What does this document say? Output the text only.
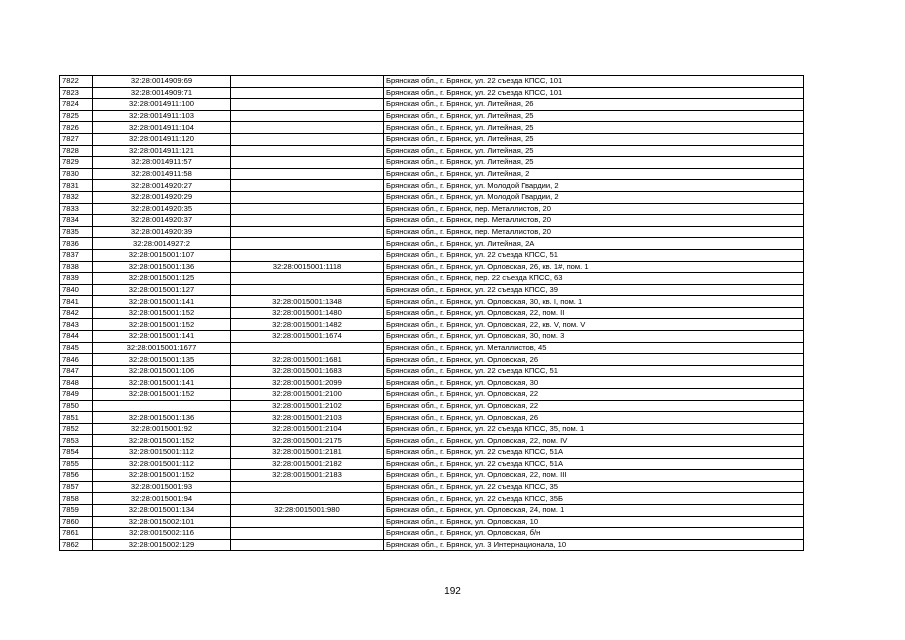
7822	32:28:0014909:69		Брянская обл., г. Брянск, ул. 22 съезда КПСС, 101
7823	32:28:0014909:71		Брянская обл., г. Брянск, ул. 22 съезда КПСС, 101
7824	32:28:0014911:100		Брянская обл., г. Брянск, ул. Литейная, 26
7825	32:28:0014911:103		Брянская обл., г. Брянск, ул. Литейная, 25
7826	32:28:0014911:104		Брянская обл., г. Брянск, ул. Литейная, 25
7827	32:28:0014911:120		Брянская обл., г. Брянск, ул. Литейная, 25
7828	32:28:0014911:121		Брянская обл., г. Брянск, ул. Литейная, 25
7829	32:28:0014911:57		Брянская обл., г. Брянск, ул. Литейная, 25
7830	32:28:0014911:58		Брянская обл., г. Брянск, ул. Литейная, 2
7831	32:28:0014920:27		Брянская обл., г. Брянск, ул. Молодой Гвардии, 2
7832	32:28:0014920:29		Брянская обл., г. Брянск, ул. Молодой Гвардии, 2
7833	32:28:0014920:35		Брянская обл., г. Брянск, пер. Металлистов, 20
7834	32:28:0014920:37		Брянская обл., г. Брянск, пер. Металлистов, 20
7835	32:28:0014920:39		Брянская обл., г. Брянск, пер. Металлистов, 20
7836	32:28:0014927:2		Брянская обл., г. Брянск, ул. Литейная, 2А
7837	32:28:0015001:107		Брянская обл., г. Брянск, ул. 22 съезда КПСС, 51
7838	32:28:0015001:136	32:28:0015001:1118	Брянская обл., г. Брянск, ул. Орловская, 26, кв. 1#, пом. 1
7839	32:28:0015001:125		Брянская обл., г. Брянск, пер. 22 съезда КПСС, 63
7840	32:28:0015001:127		Брянская обл., г. Брянск, ул. 22 съезда КПСС, 39
7841	32:28:0015001:141	32:28:0015001:1348	Брянская обл., г. Брянск, ул. Орловская, 30, кв. I, пом. 1
7842	32:28:0015001:152	32:28:0015001:1480	Брянская обл., г. Брянск, ул. Орловская, 22, пом. II
7843	32:28:0015001:152	32:28:0015001:1482	Брянская обл., г. Брянск, ул. Орловская, 22, кв. V, пом. V
7844	32:28:0015001:141	32:28:0015001:1674	Брянская обл., г. Брянск, ул. Орловская, 30, пом. 3
7845	32:28:0015001:1677		Брянская обл., г. Брянск, ул. Металлистов, 45
7846	32:28:0015001:135	32:28:0015001:1681	Брянская обл., г. Брянск, ул. Орловская, 26
7847	32:28:0015001:106	32:28:0015001:1683	Брянская обл., г. Брянск, ул. 22 съезда КПСС, 51
7848	32:28:0015001:141	32:28:0015001:2099	Брянская обл., г. Брянск, ул. Орловская, 30
7849	32:28:0015001:152	32:28:0015001:2100	Брянская обл., г. Брянск, ул. Орловская, 22
7850		32:28:0015001:2102	Брянская обл., г. Брянск, ул. Орловская, 22
7851	32:28:0015001:136	32:28:0015001:2103	Брянская обл., г. Брянск, ул. Орловская, 26
7852	32:28:0015001:92	32:28:0015001:2104	Брянская обл., г. Брянск, ул. 22 съезда КПСС, 35, пом. 1
7853	32:28:0015001:152	32:28:0015001:2175	Брянская обл., г. Брянск, ул. Орловская, 22, пом. IV
7854	32:28:0015001:112	32:28:0015001:2181	Брянская обл., г. Брянск, ул. 22 съезда КПСС, 51А
7855	32:28:0015001:112	32:28:0015001:2182	Брянская обл., г. Брянск, ул. 22 съезда КПСС, 51А
7856	32:28:0015001:152	32:28:0015001:2183	Брянская обл., г. Брянск, ул. Орловская, 22, пом. III
7857	32:28:0015001:93		Брянская обл., г. Брянск, ул. 22 съезда КПСС, 35
7858	32:28:0015001:94		Брянская обл., г. Брянск, ул. 22 съезда КПСС, 35Б
7859	32:28:0015001:134	32:28:0015001:980	Брянская обл., г. Брянск, ул. Орловская, 24, пом. 1
7860	32:28:0015002:101		Брянская обл., г. Брянск, ул. Орловская, 10
7861	32:28:0015002:116		Брянская обл., г. Брянск, ул. Орловская, б/н
7862	32:28:0015002:129		Брянская обл., г. Брянск, ул. 3 Интернационала, 10
192
